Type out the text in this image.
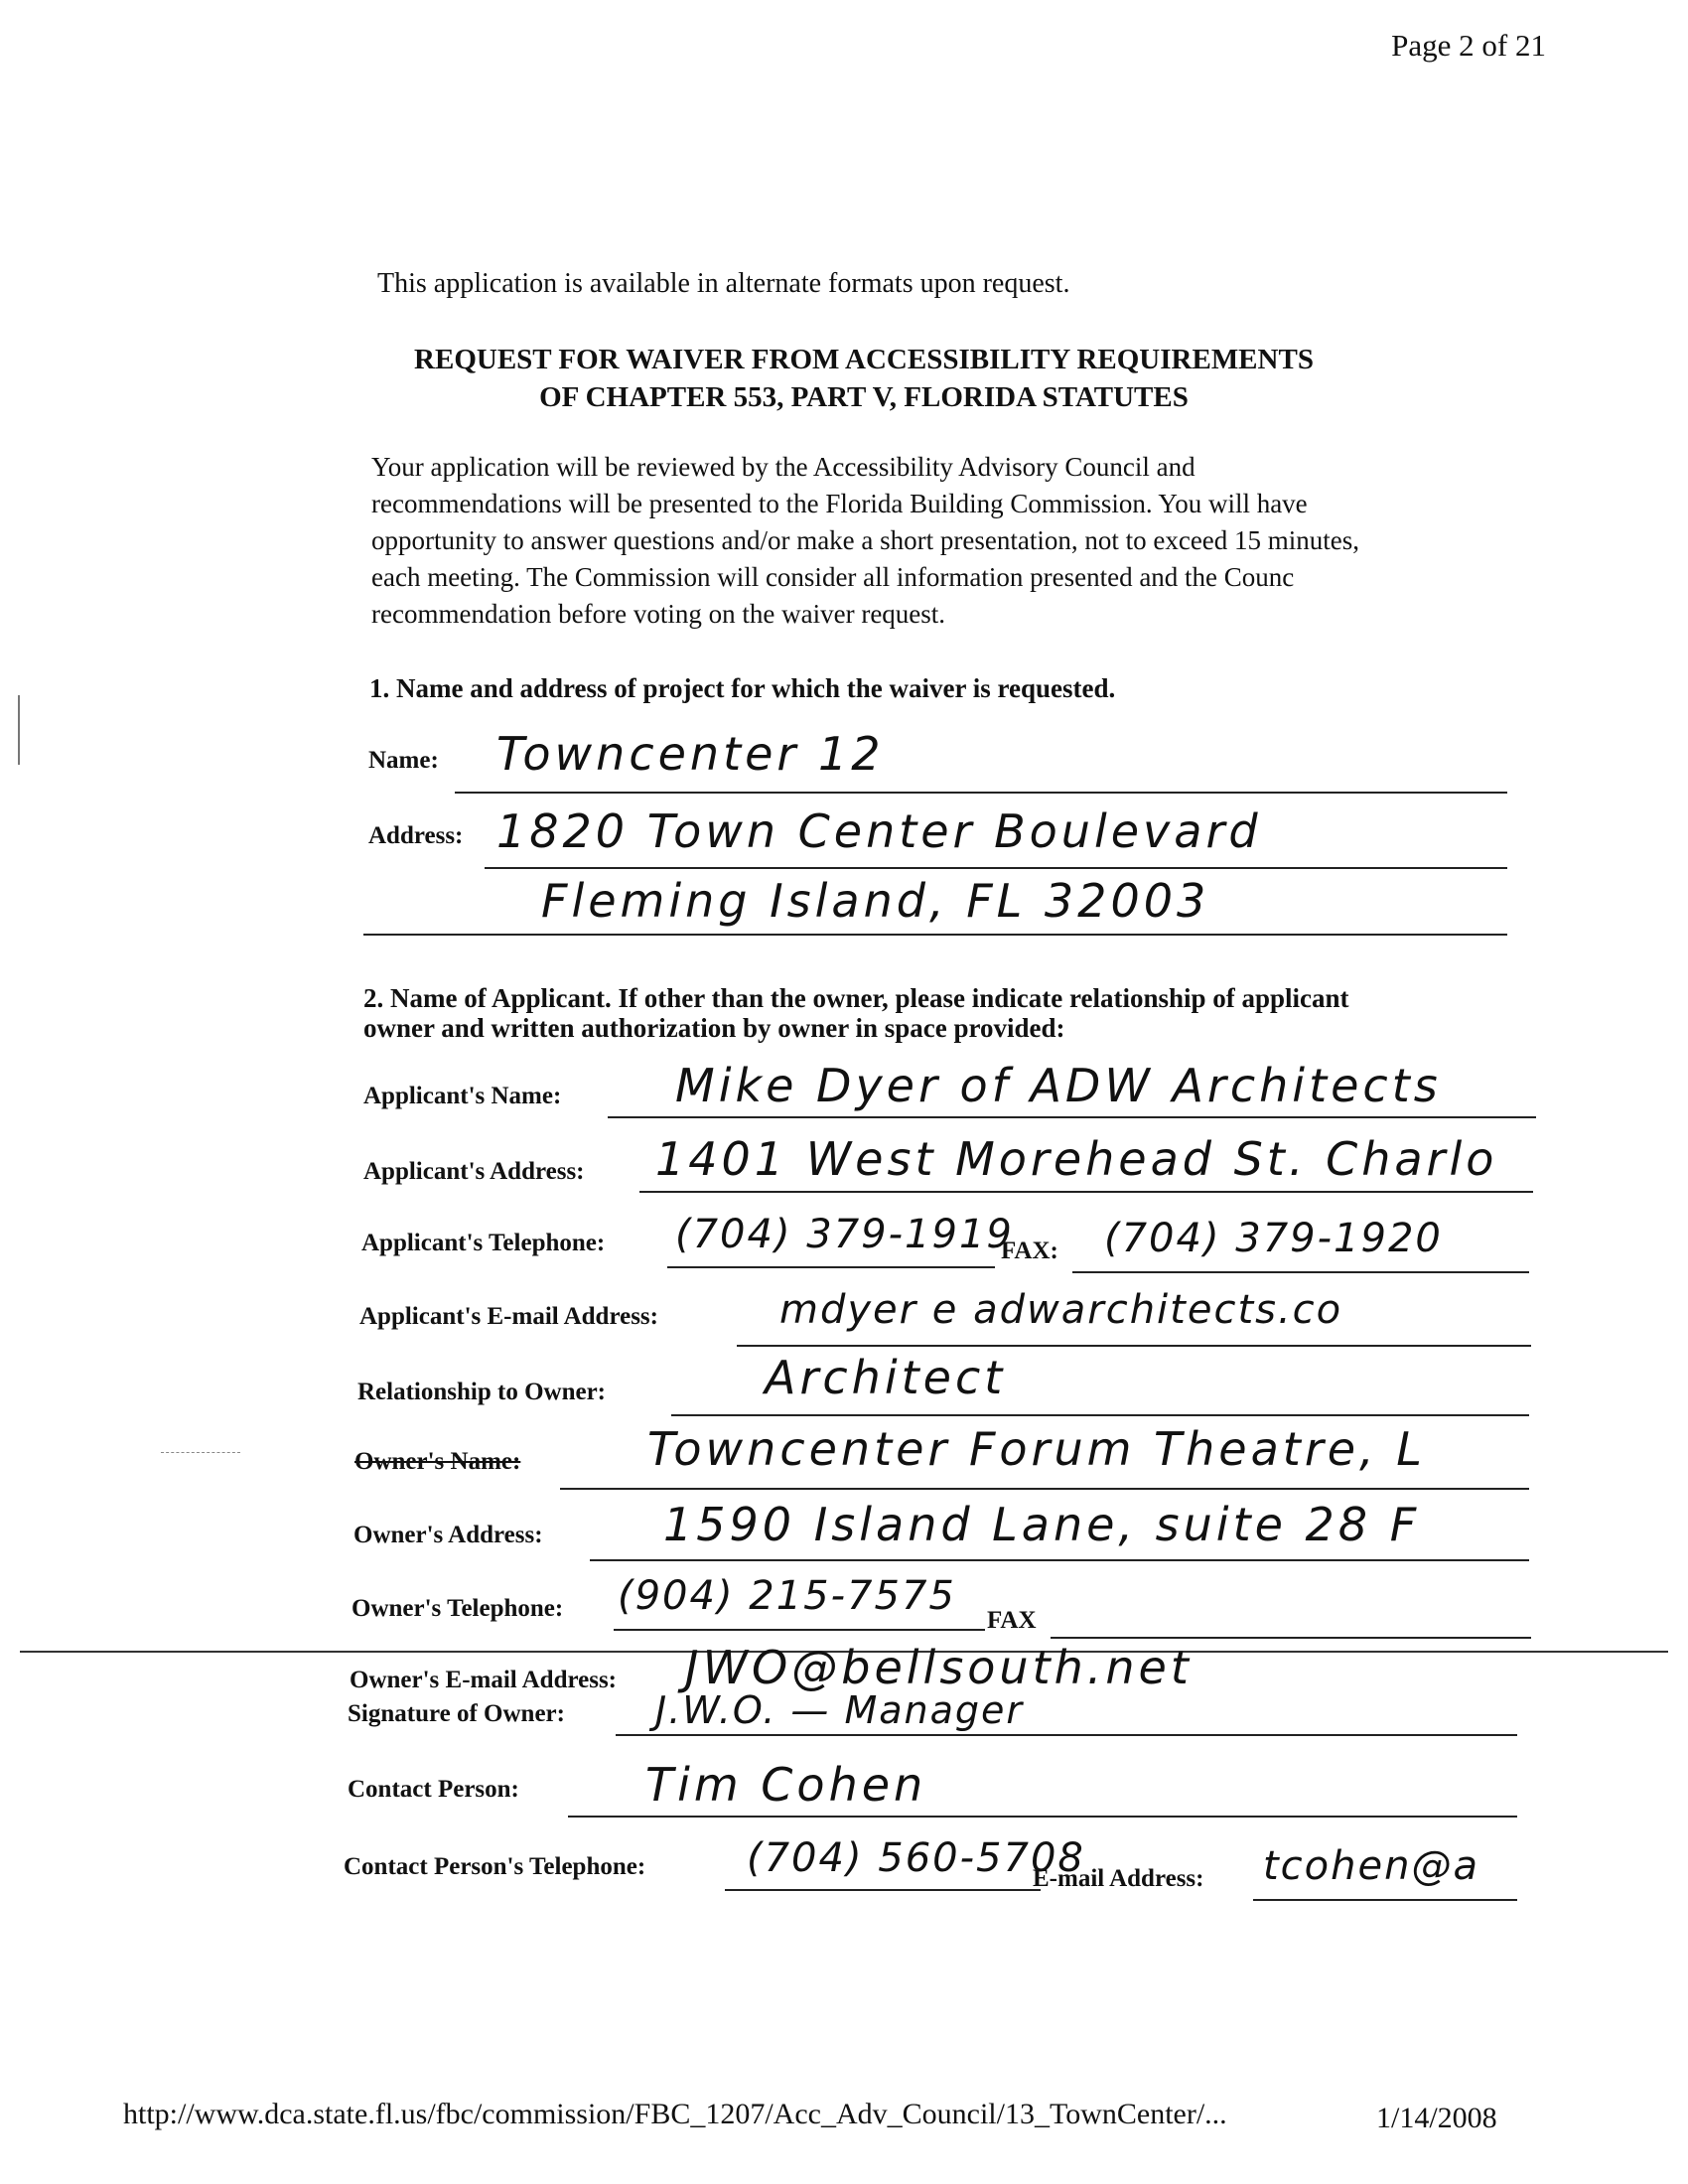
Page 2 of 21
This application is available in alternate formats upon request.
REQUEST FOR WAIVER FROM ACCESSIBILITY REQUIREMENTS
OF CHAPTER 553, PART V, FLORIDA STATUTES
Your application will be reviewed by the Accessibility Advisory Council and
recommendations will be presented to the Florida Building Commission. You will have
opportunity to answer questions and/or make a short presentation, not to exceed 15 minutes,
each meeting. The Commission will consider all information presented and the Counc
recommendation before voting on the waiver request.
1. Name and address of project for which the waiver is requested.
Name: Towncenter 12
Address: 1820 Town Center Boulevard
Fleming Island, FL 32003
2. Name of Applicant. If other than the owner, please indicate relationship of applicant
owner and written authorization by owner in space provided:
Applicant's Name: Mike Dyer of ADW Architects
Applicant's Address: 1401 West Morehead St. Charlo
Applicant's Telephone: (704) 379-1919
FAX: (704) 379-1920
Applicant's E-mail Address:	mdyer e adwarchitects.co
Relationship to Owner:	Architect
Owner's Name:	Towncenter Forum Theatre, L
Owner's Address:	1590 Island Lane, suite 28 F
Owner's Telephone: (904) 215-7575
FAX
Owner's E-mail Address: JWO@bellsouth.net
Signature of Owner: J.W.O. — Manager
Contact Person:	Tim Cohen
Contact Person's Telephone:	(704) 560-5708
E-mail Address: tcohen@a
http://www.dca.state.fl.us/fbc/commission/FBC_1207/Acc_Adv_Council/13_TownCenter/...	1/14/2008
